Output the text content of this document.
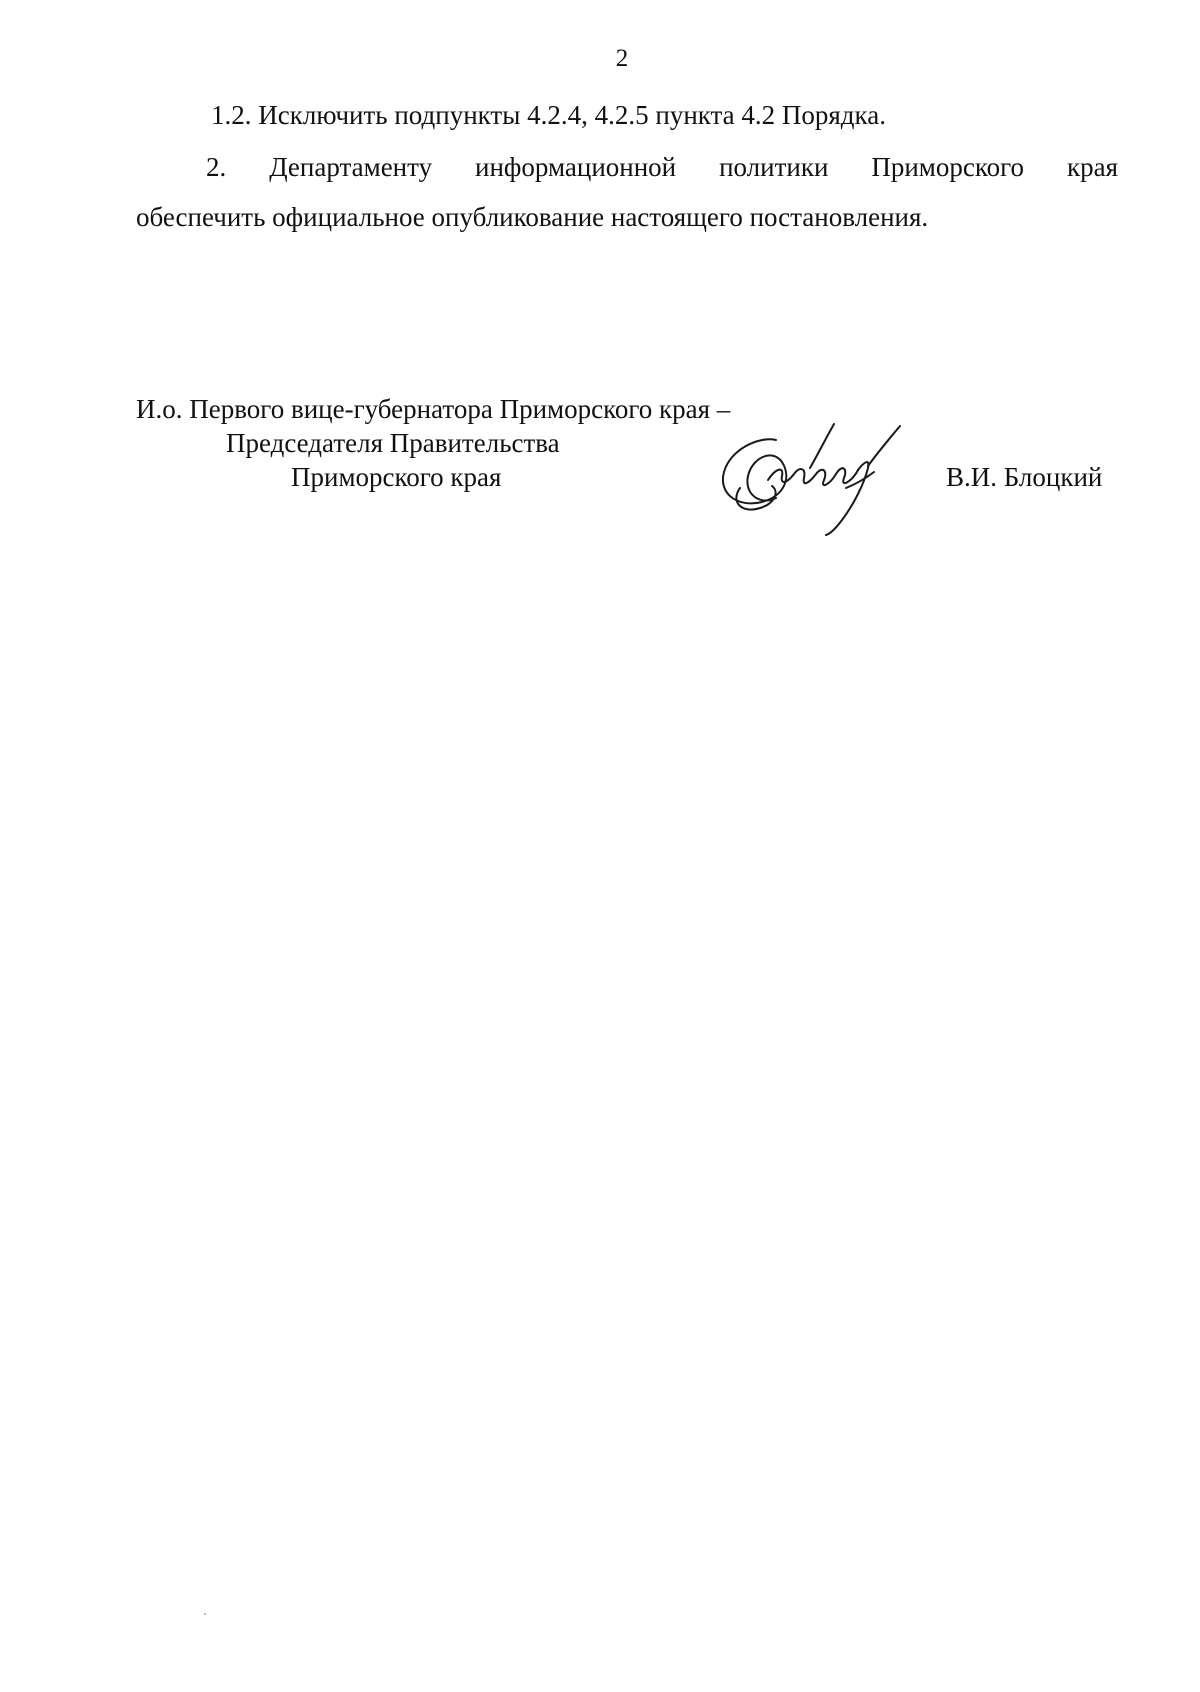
2
1.2. Исключить подпункты 4.2.4, 4.2.5 пункта 4.2 Порядка.
2. Департаменту информационной политики Приморского края
обеспечить официальное опубликование настоящего постановления.
И.о. Первого вице-губернатора Приморского края –
Председателя Правительства
Приморского края	В.И. Блоцкий
